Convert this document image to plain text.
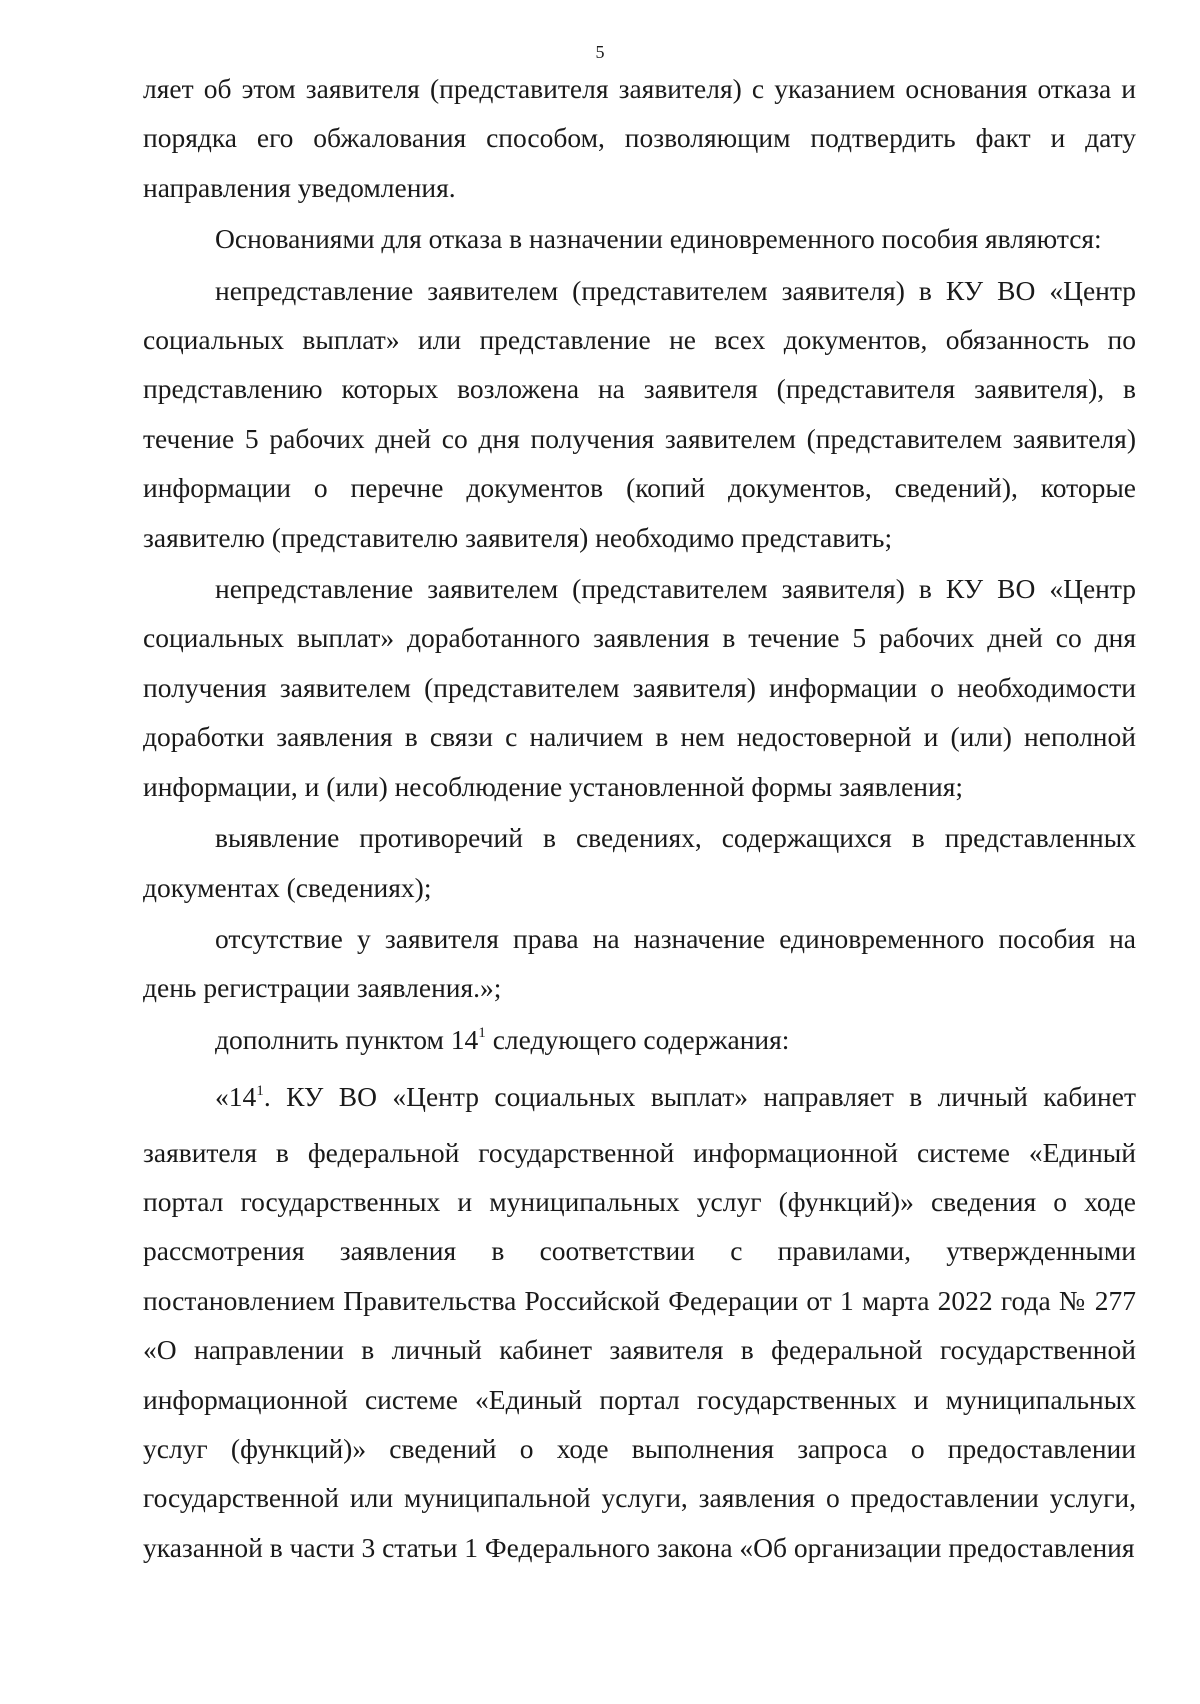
5

ляет об этом заявителя (представителя заявителя) с указанием основания отказа и порядка его обжалования способом, позволяющим подтвердить факт и дату направления уведомления.

Основаниями для отказа в назначении единовременного пособия являются:

непредставление заявителем (представителем заявителя) в КУ ВО «Центр социальных выплат» или представление не всех документов, обязанность по представлению которых возложена на заявителя (представителя заявителя), в течение 5 рабочих дней со дня получения заявителем (представителем заявителя) информации о перечне документов (копий документов, сведений), которые заявителю (представителю заявителя) необходимо представить;

непредставление заявителем (представителем заявителя) в КУ ВО «Центр социальных выплат» доработанного заявления в течение 5 рабочих дней со дня получения заявителем (представителем заявителя) информации о необходимости доработки заявления в связи с наличием в нем недостоверной и (или) неполной информации, и (или) несоблюдение установленной формы заявления;

выявление противоречий в сведениях, содержащихся в представленных документах (сведениях);

отсутствие у заявителя права на назначение единовременного пособия на день регистрации заявления.»;

дополнить пунктом $14^1$ следующего содержания:

«$14^1$. КУ ВО «Центр социальных выплат» направляет в личный кабинет заявителя в федеральной государственной информационной системе «Единый портал государственных и муниципальных услуг (функций)» сведения о ходе рассмотрения заявления в соответствии с правилами, утвержденными постановлением Правительства Российской Федерации от 1 марта 2022 года № 277 «О направлении в личный кабинет заявителя в федеральной государственной информационной системе «Единый портал государственных и муниципальных услуг (функций)» сведений о ходе выполнения запроса о предоставлении государственной или муниципальной услуги, заявления о предоставлении услуги, указанной в части 3 статьи 1 Федерального закона «Об организации предоставления
